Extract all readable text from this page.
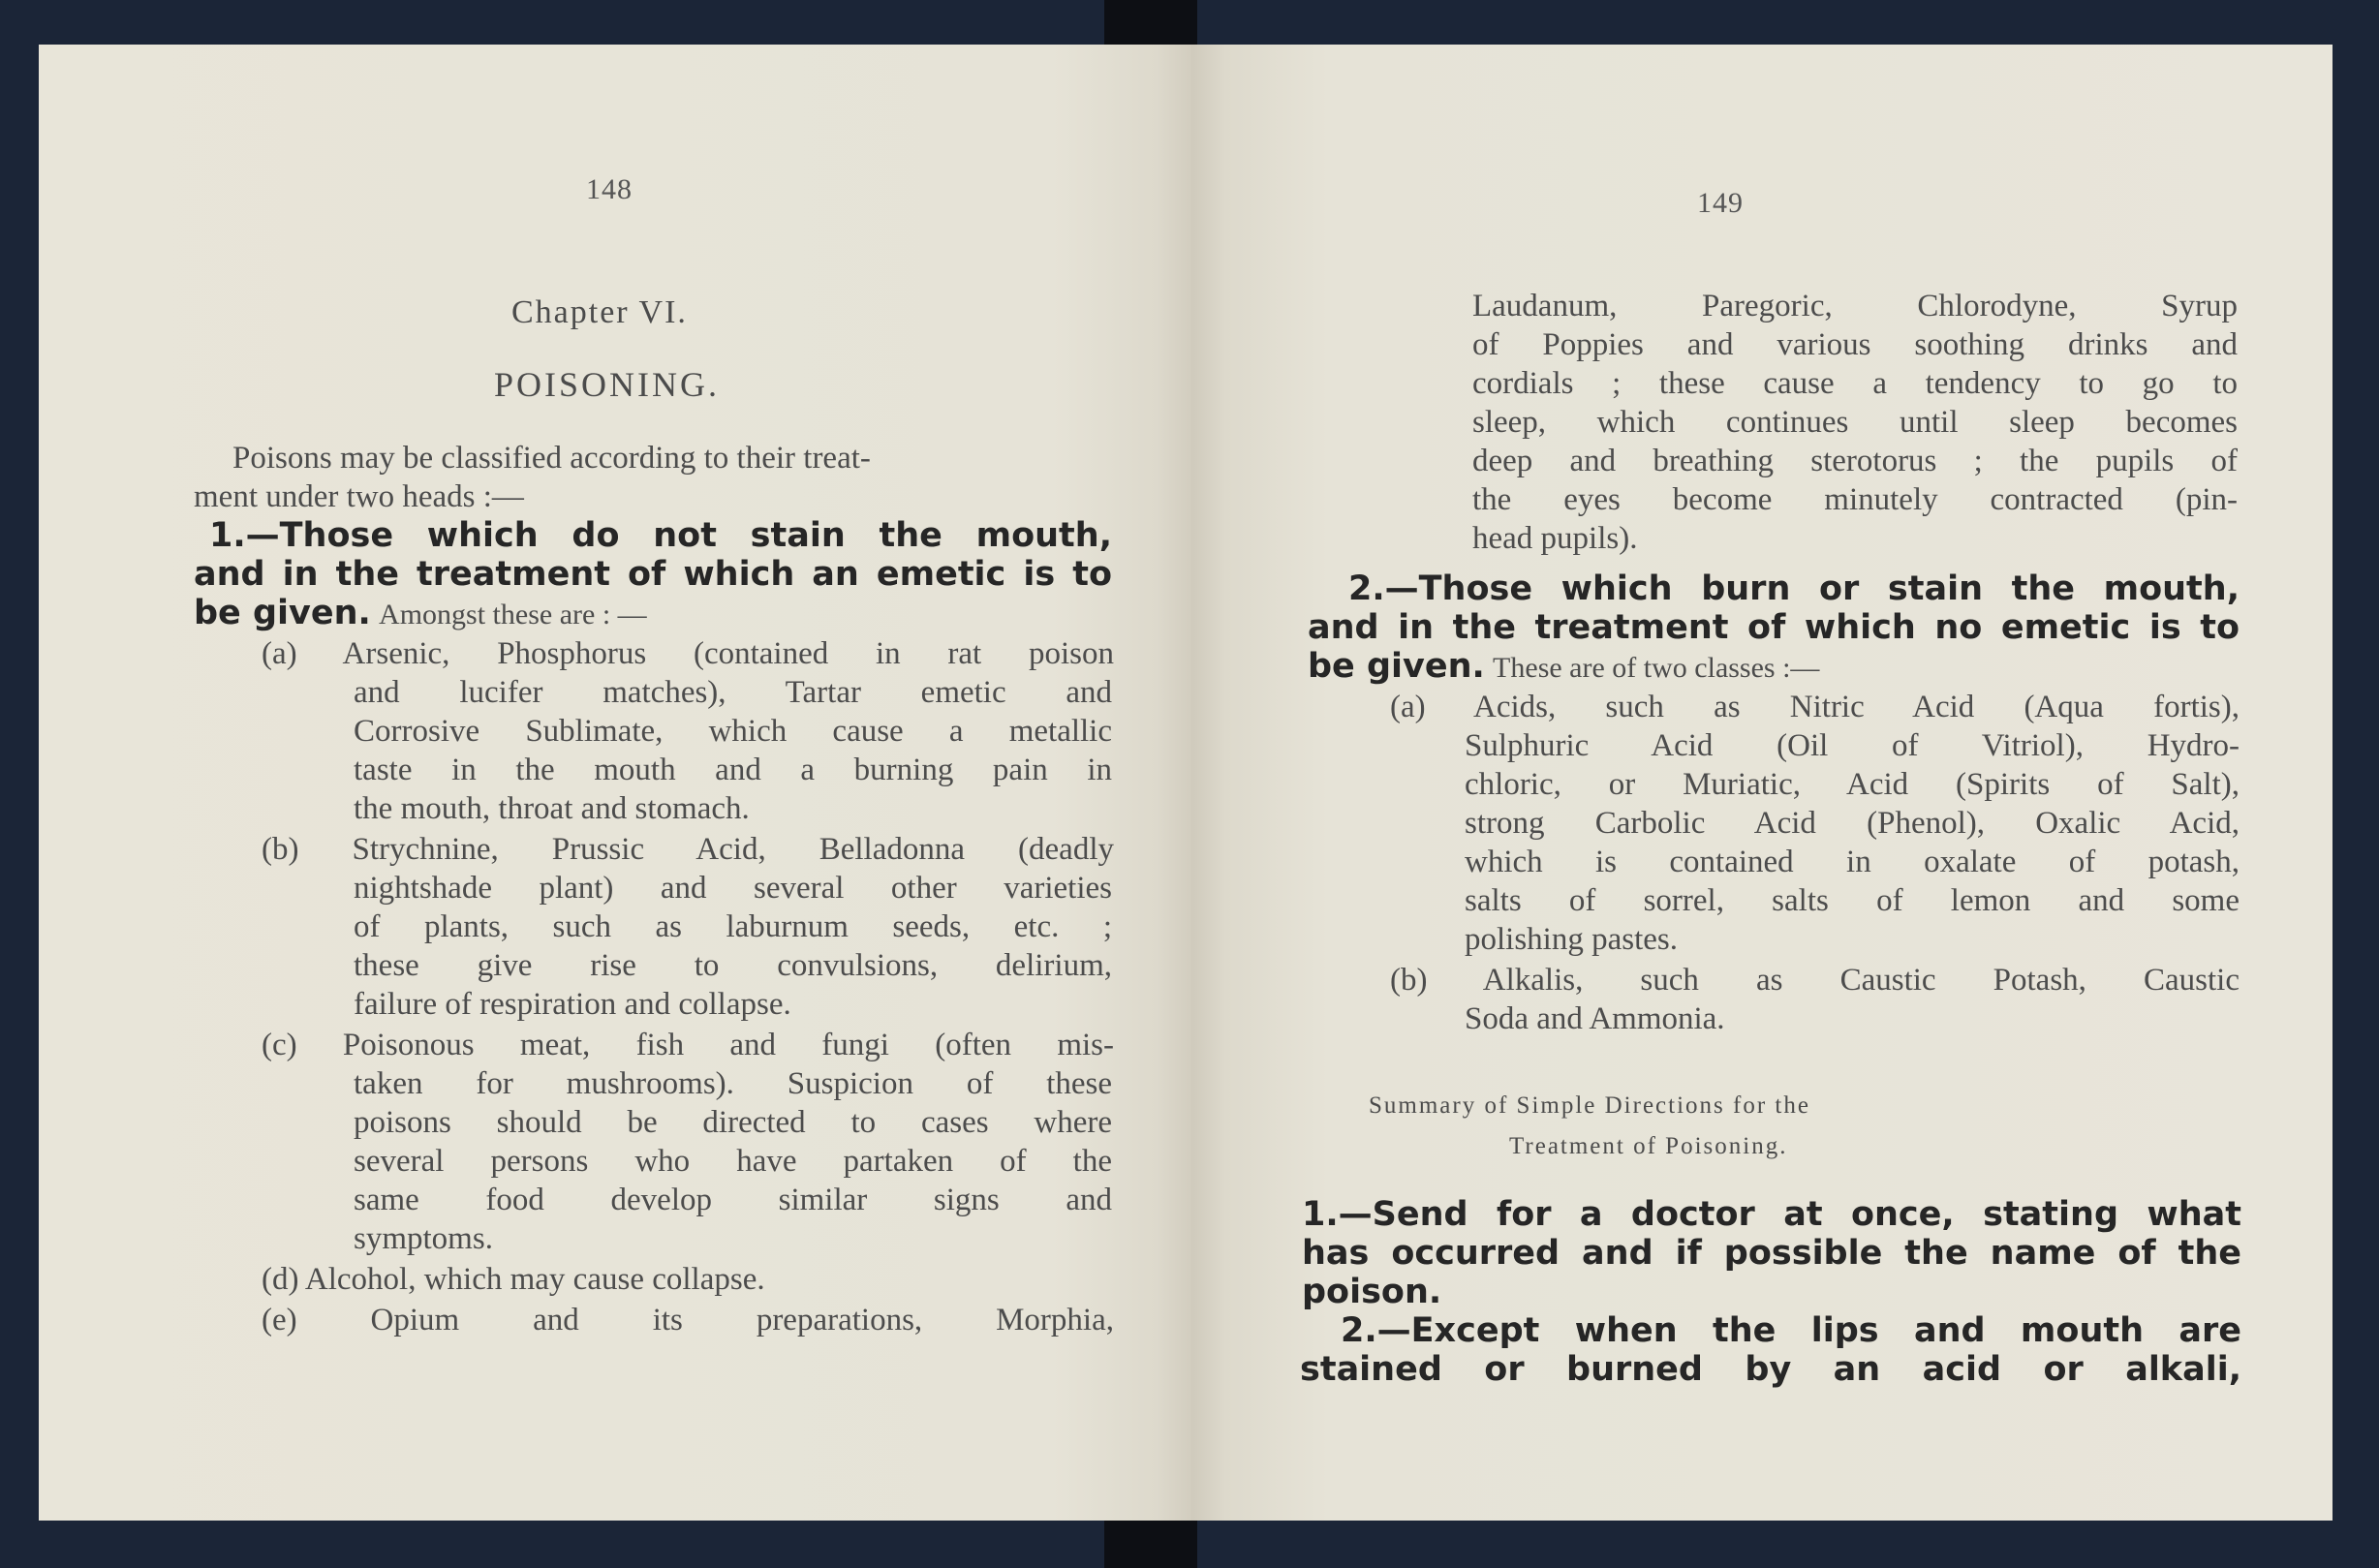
148
Chapter VI.
POISONING.
Poisons may be classified according to their treat-
ment under two heads :—
1.—Those which do not stain the mouth,
and in the treatment of which an emetic is to
be given. Amongst these are : —
(a) Arsenic, Phosphorus (contained in rat poison
and lucifer matches), Tartar emetic and
Corrosive Sublimate, which cause a metallic
taste in the mouth and a burning pain in
the mouth, throat and stomach.
(b) Strychnine, Prussic Acid, Belladonna (deadly
nightshade plant) and several other varieties
of plants, such as laburnum seeds, etc. ;
these give rise to convulsions, delirium,
failure of respiration and collapse.
(c) Poisonous meat, fish and fungi (often mis-
taken for mushrooms). Suspicion of these
poisons should be directed to cases where
several persons who have partaken of the
same food develop similar signs and
symptoms.
(d) Alcohol, which may cause collapse.
(e) Opium and its preparations, Morphia,
149
Laudanum, Paregoric, Chlorodyne, Syrup
of Poppies and various soothing drinks and
cordials ; these cause a tendency to go to
sleep, which continues until sleep becomes
deep and breathing sterotorus ; the pupils of
the eyes become minutely contracted (pin-
head pupils).
2.—Those which burn or stain the mouth,
and in the treatment of which no emetic is to
be given. These are of two classes :—
(a) Acids, such as Nitric Acid (Aqua fortis),
Sulphuric Acid (Oil of Vitriol), Hydro-
chloric, or Muriatic, Acid (Spirits of Salt),
strong Carbolic Acid (Phenol), Oxalic Acid,
which is contained in oxalate of potash,
salts of sorrel, salts of lemon and some
polishing pastes.
(b) Alkalis, such as Caustic Potash, Caustic
Soda and Ammonia.
Summary of Simple Directions for the
Treatment of Poisoning.
1.—Send for a doctor at once, stating what
has occurred and if possible the name of the
poison.
2.—Except when the lips and mouth are
stained or burned by an acid or alkali,
